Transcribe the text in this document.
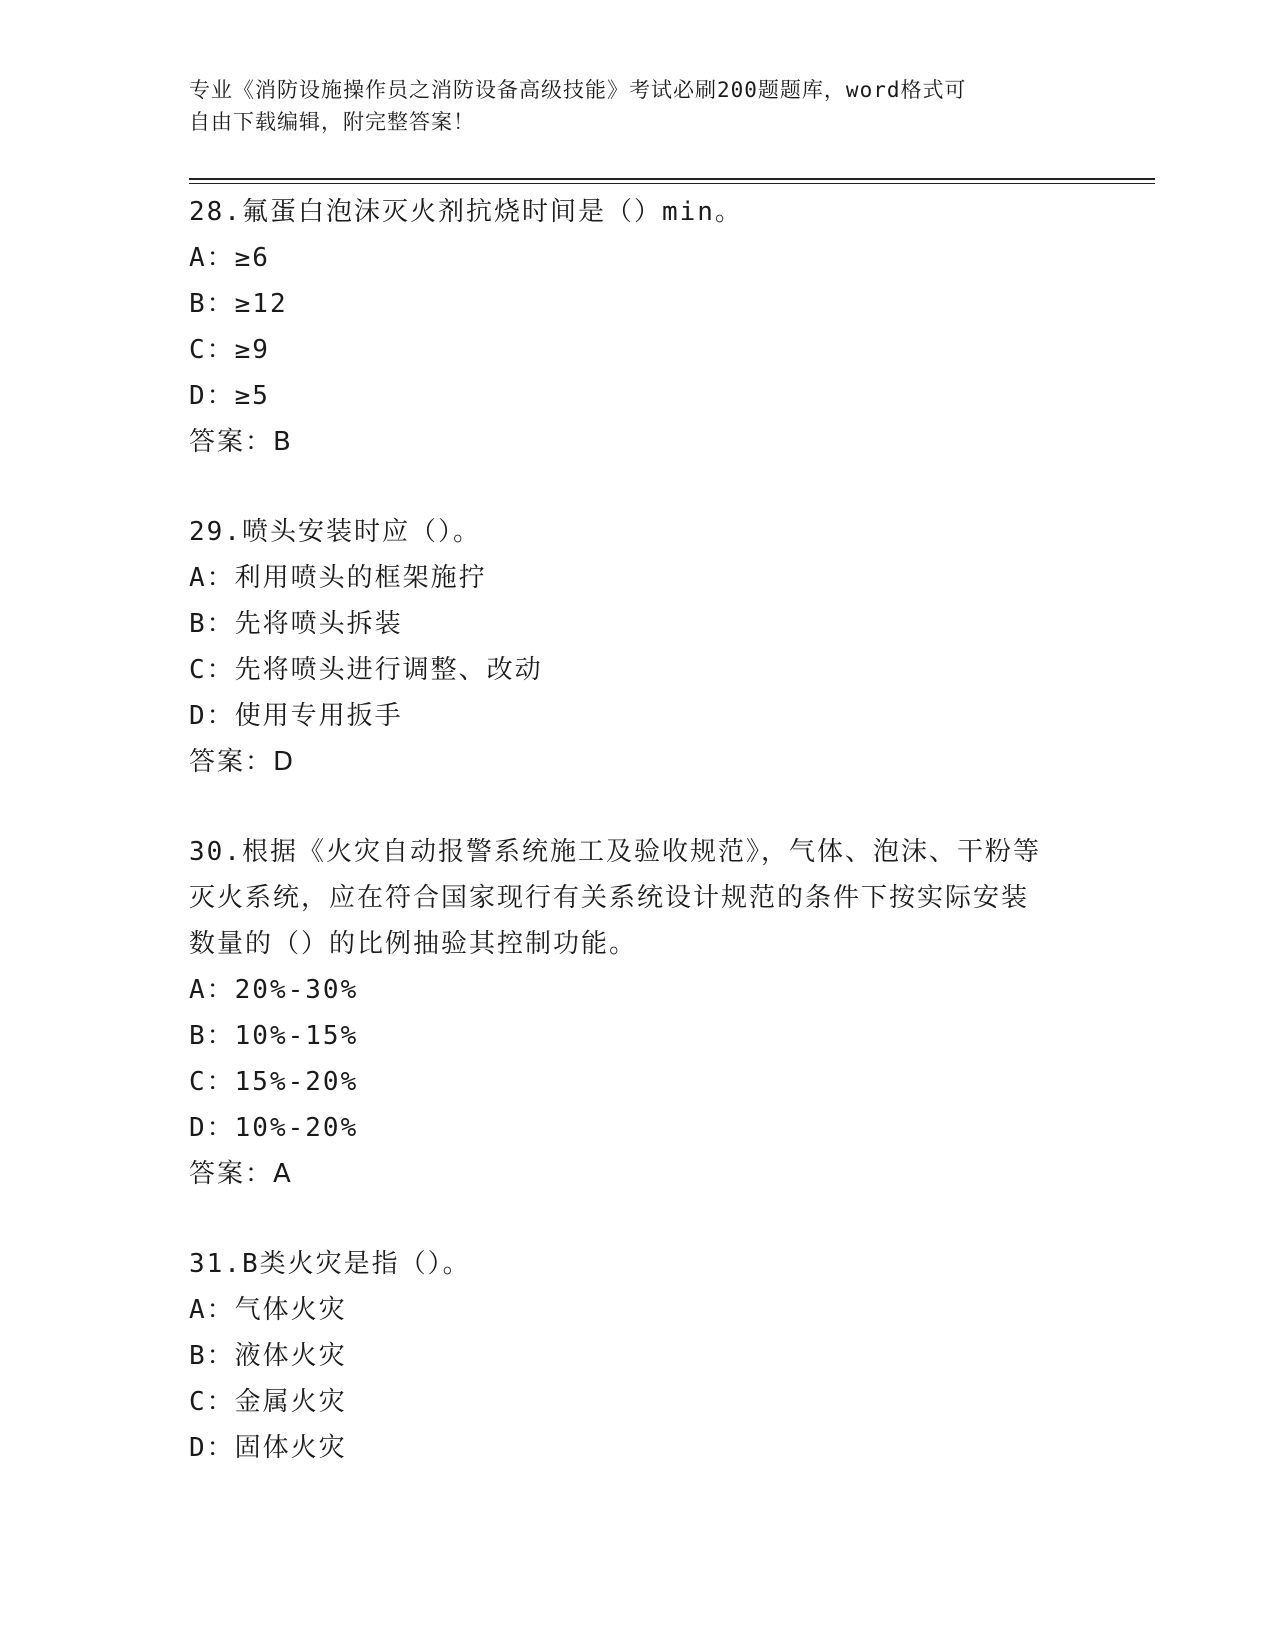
专业《消防设施操作员之消防设备高级技能》考试必刷200题题库，word格式可
自由下载编辑，附完整答案！
28.氟蛋白泡沫灭火剂抗烧时间是（）min。
A：≥6
B：≥12
C：≥9
D：≥5
答案：B
29.喷头安装时应（）。
A：利用喷头的框架施拧
B：先将喷头拆装
C：先将喷头进行调整、改动
D：使用专用扳手
答案：D
30.根据《火灾自动报警系统施工及验收规范》，气体、泡沫、干粉等
灭火系统，应在符合国家现行有关系统设计规范的条件下按实际安装
数量的（）的比例抽验其控制功能。
A：20%-30%
B：10%-15%
C：15%-20%
D：10%-20%
答案：A
31.B类火灾是指（）。
A：气体火灾
B：液体火灾
C：金属火灾
D：固体火灾
